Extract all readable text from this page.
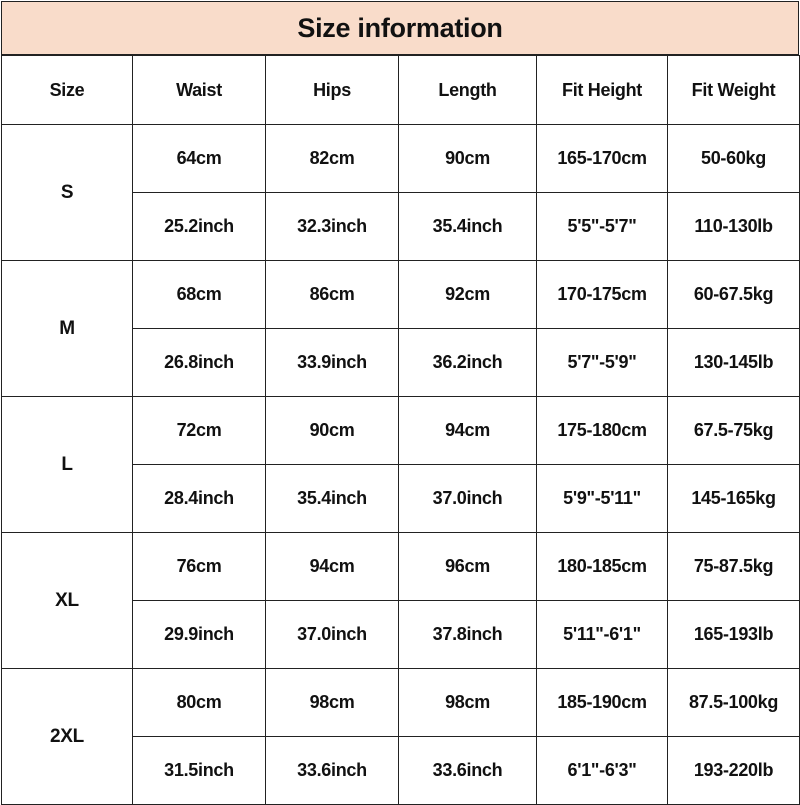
Size information
Size	Waist	Hips	Length	Fit Height	Fit Weight
S	64cm	82cm	90cm	165-170cm	50-60kg
	25.2inch	32.3inch	35.4inch	5'5"-5'7"	110-130lb
M	68cm	86cm	92cm	170-175cm	60-67.5kg
	26.8inch	33.9inch	36.2inch	5'7"-5'9"	130-145lb
L	72cm	90cm	94cm	175-180cm	67.5-75kg
	28.4inch	35.4inch	37.0inch	5'9"-5'11"	145-165kg
XL	76cm	94cm	96cm	180-185cm	75-87.5kg
	29.9inch	37.0inch	37.8inch	5'11"-6'1"	165-193lb
2XL	80cm	98cm	98cm	185-190cm	87.5-100kg
	31.5inch	33.6inch	33.6inch	6'1"-6'3"	193-220lb
